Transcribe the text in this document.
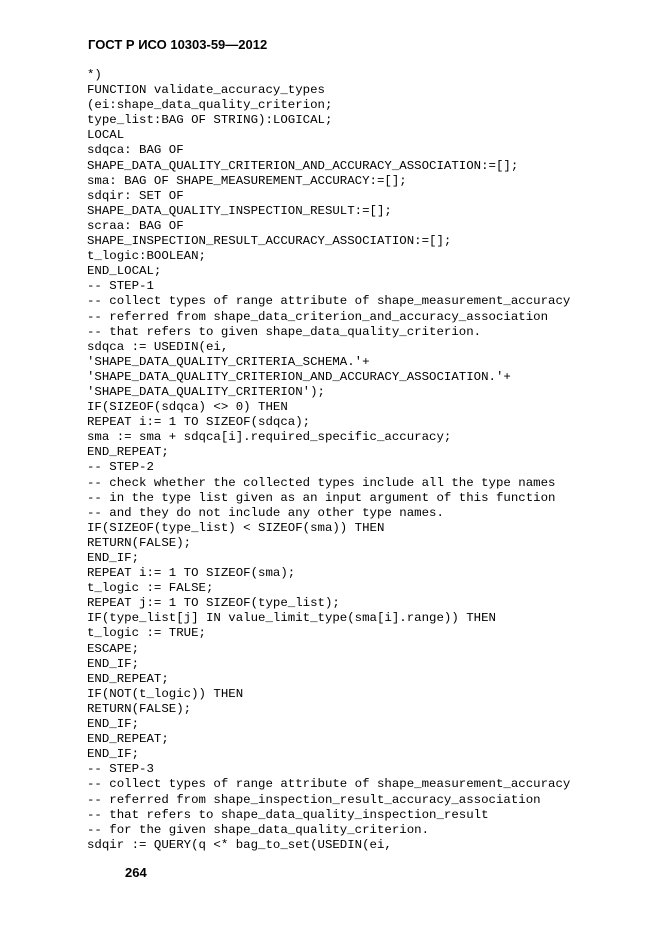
ГОСТ Р ИСО 10303-59—2012
*)
FUNCTION validate_accuracy_types
(ei:shape_data_quality_criterion;
type_list:BAG OF STRING):LOGICAL;
LOCAL
sdqca: BAG OF
SHAPE_DATA_QUALITY_CRITERION_AND_ACCURACY_ASSOCIATION:=[];
sma: BAG OF SHAPE_MEASUREMENT_ACCURACY:=[];
sdqir: SET OF
SHAPE_DATA_QUALITY_INSPECTION_RESULT:=[];
scraa: BAG OF
SHAPE_INSPECTION_RESULT_ACCURACY_ASSOCIATION:=[];
t_logic:BOOLEAN;
END_LOCAL;
-- STEP-1
-- collect types of range attribute of shape_measurement_accuracy
-- referred from shape_data_criterion_and_accuracy_association
-- that refers to given shape_data_quality_criterion.
sdqca := USEDIN(ei,
'SHAPE_DATA_QUALITY_CRITERIA_SCHEMA.'+
'SHAPE_DATA_QUALITY_CRITERION_AND_ACCURACY_ASSOCIATION.'+
'SHAPE_DATA_QUALITY_CRITERION');
IF(SIZEOF(sdqca) <> 0) THEN
REPEAT i:= 1 TO SIZEOF(sdqca);
sma := sma + sdqca[i].required_specific_accuracy;
END_REPEAT;
-- STEP-2
-- check whether the collected types include all the type names
-- in the type list given as an input argument of this function
-- and they do not include any other type names.
IF(SIZEOF(type_list) < SIZEOF(sma)) THEN
RETURN(FALSE);
END_IF;
REPEAT i:= 1 TO SIZEOF(sma);
t_logic := FALSE;
REPEAT j:= 1 TO SIZEOF(type_list);
IF(type_list[j] IN value_limit_type(sma[i].range)) THEN
t_logic := TRUE;
ESCAPE;
END_IF;
END_REPEAT;
IF(NOT(t_logic)) THEN
RETURN(FALSE);
END_IF;
END_REPEAT;
END_IF;
-- STEP-3
-- collect types of range attribute of shape_measurement_accuracy
-- referred from shape_inspection_result_accuracy_association
-- that refers to shape_data_quality_inspection_result
-- for the given shape_data_quality_criterion.
sdqir := QUERY(q <* bag_to_set(USEDIN(ei,
264
